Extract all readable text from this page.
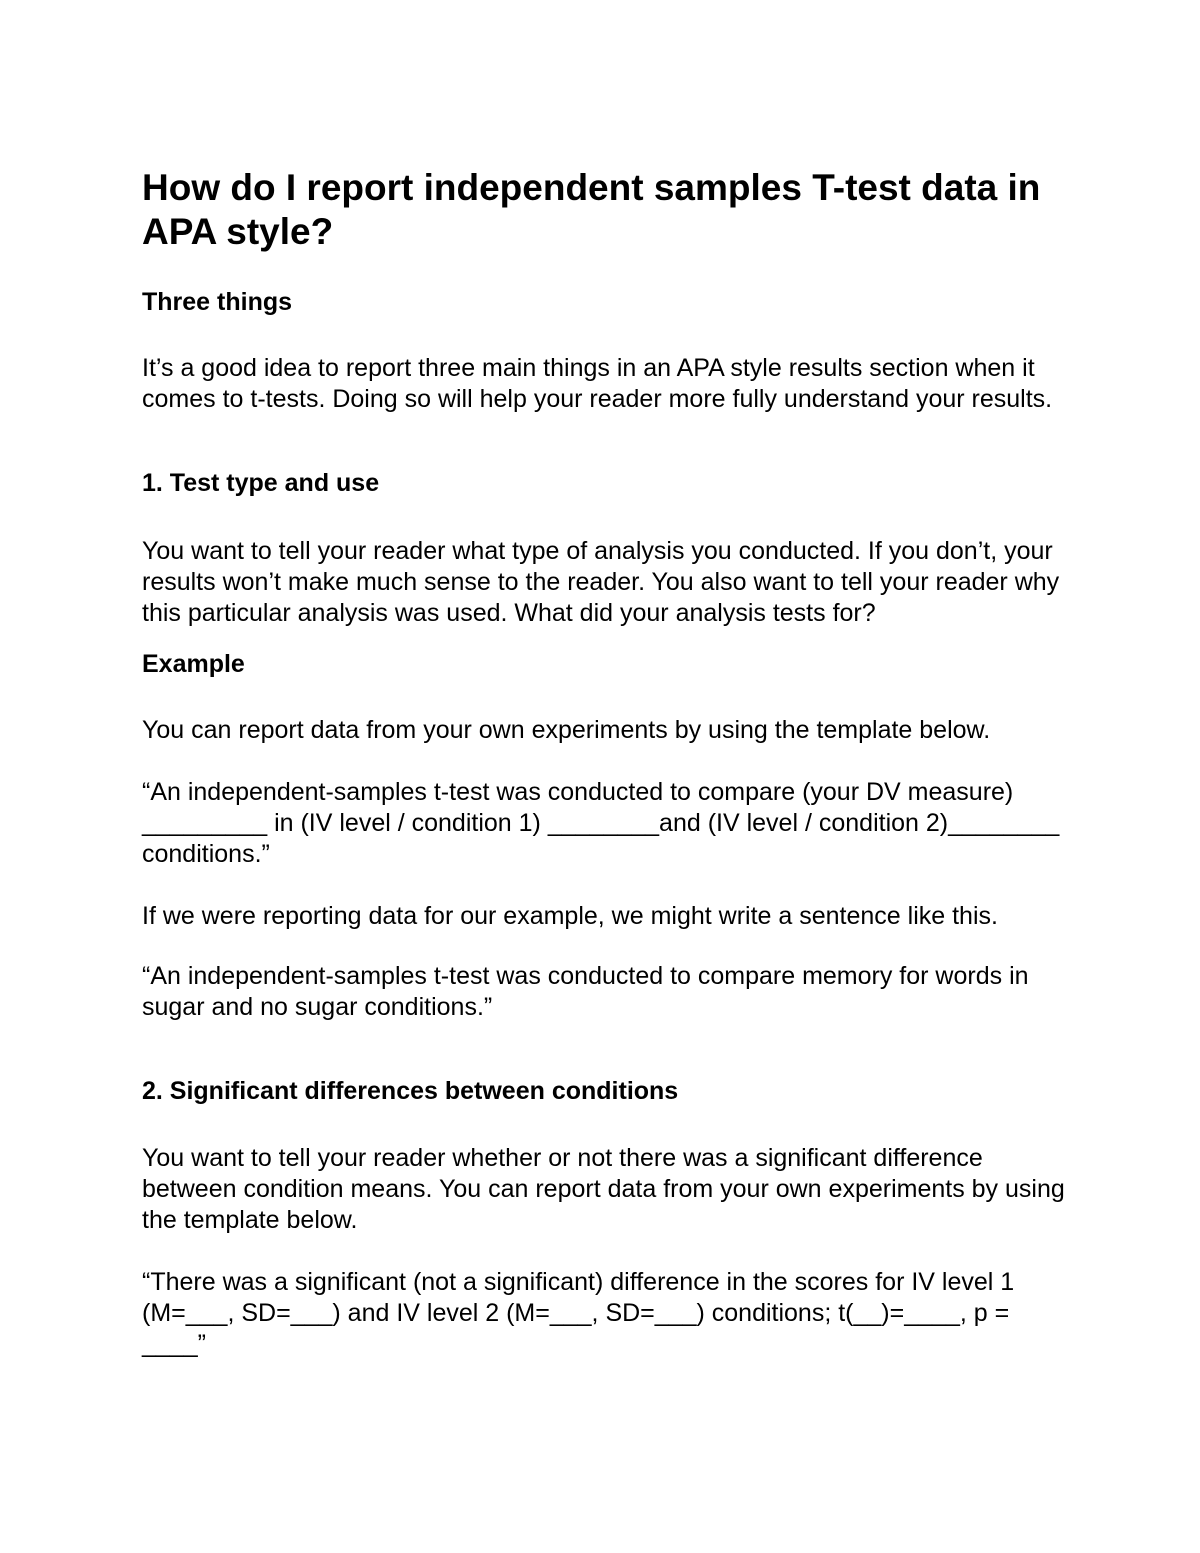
How do I report independent samples T-test data in APA style?

Three things

It’s a good idea to report three main things in an APA style results section when it comes to t-tests. Doing so will help your reader more fully understand your results.

1. Test type and use

You want to tell your reader what type of analysis you conducted. If you don’t, your results won’t make much sense to the reader. You also want to tell your reader why this particular analysis was used. What did your analysis tests for?

Example

You can report data from your own experiments by using the template below.

“An independent-samples t-test was conducted to compare (your DV measure) _________ in (IV level / condition 1) ________and (IV level / condition 2)________ conditions.”

If we were reporting data for our example, we might write a sentence like this.

“An independent-samples t-test was conducted to compare memory for words in sugar and no sugar conditions.”

2. Significant differences between conditions

You want to tell your reader whether or not there was a significant difference between condition means. You can report data from your own experiments by using the template below.

“There was a significant (not a significant) difference in the scores for IV level 1 (M=___, SD=___) and IV level 2 (M=___, SD=___) conditions; t(__)=____, p = ____”
